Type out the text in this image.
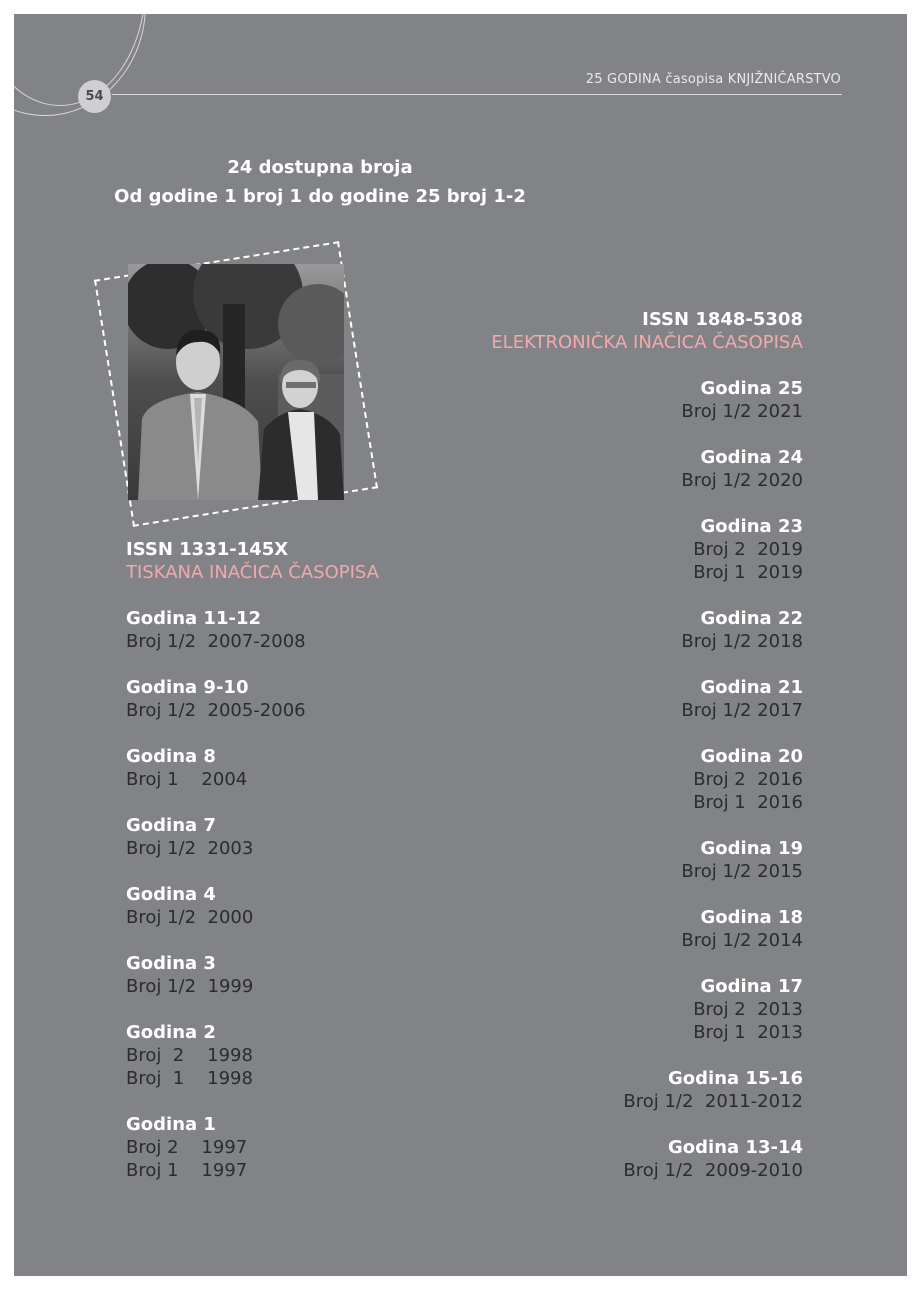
54
25 GODINA časopisa KNJIŽNIČARSTVO
24 dostupna broja
Od godine 1 broj 1 do godine 25 broj 1-2
ISSN 1331-145X
TISKANA INAČICA ČASOPISA
Godina 11-12
Broj 1/2  2007-2008
Godina 9-10
Broj 1/2  2005-2006
Godina 8
Broj 1    2004
Godina 7
Broj 1/2  2003
Godina 4
Broj 1/2  2000
Godina 3
Broj 1/2  1999
Godina 2
Broj  2    1998
Broj  1    1998
Godina 1
Broj 2    1997
Broj 1    1997
ISSN 1848-5308
ELEKTRONIČKA INAČICA ČASOPISA
Godina 25
Broj 1/2 2021
Godina 24
Broj 1/2 2020
Godina 23
Broj 2  2019
Broj 1  2019
Godina 22
Broj 1/2 2018
Godina 21
Broj 1/2 2017
Godina 20
Broj 2  2016
Broj 1  2016
Godina 19
Broj 1/2 2015
Godina 18
Broj 1/2 2014
Godina 17
Broj 2  2013
Broj 1  2013
Godina 15-16
Broj 1/2  2011-2012
Godina 13-14
Broj 1/2  2009-2010
